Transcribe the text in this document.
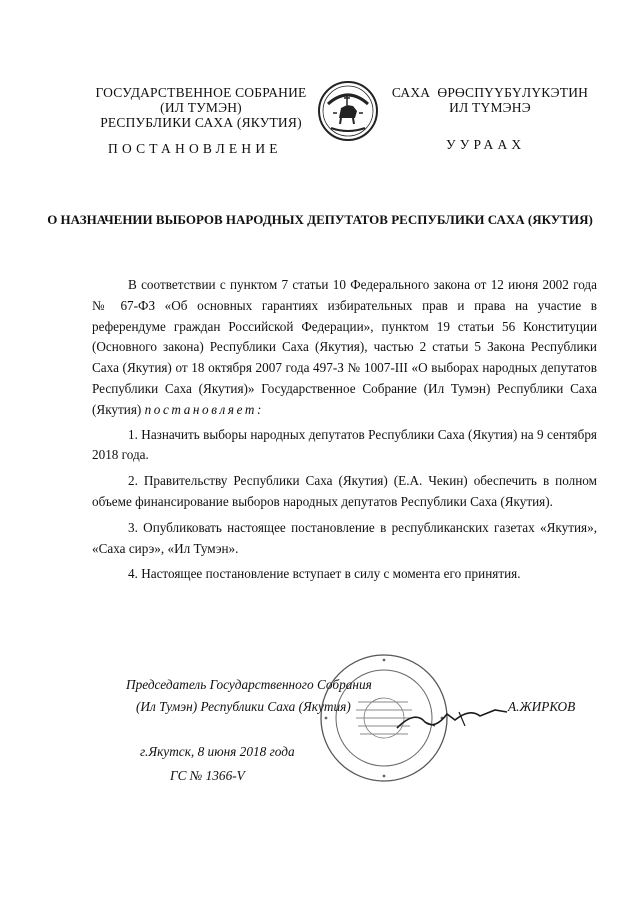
ГОСУДАРСТВЕННОЕ СОБРАНИЕ
(ИЛ ТУМЭН)
РЕСПУБЛИКИ САХА (ЯКУТИЯ)
САХА  ӨРӨСПҮҮБҮЛҮКЭТИН
ИЛ ТҮМЭНЭ
ПОСТАНОВЛЕНИЕ	УУРААХ
О НАЗНАЧЕНИИ ВЫБОРОВ НАРОДНЫХ ДЕПУТАТОВ РЕСПУБЛИКИ САХА (ЯКУТИЯ)

В соответствии с пунктом 7 статьи 10 Федерального закона от 12 июня 2002 года № 67-ФЗ «Об основных гарантиях избирательных прав и права на участие в референдуме граждан Российской Федерации», пунктом 19 статьи 56 Конституции (Основного закона) Республики Саха (Якутия), частью 2 статьи 5 Закона Республики Саха (Якутия) от 18 октября 2007 года 497-З № 1007-III «О выборах народных депутатов Республики Саха (Якутия)» Государственное Собрание (Ил Тумэн) Республики Саха (Якутия) постановляет:

1. Назначить выборы народных депутатов Республики Саха (Якутия) на 9 сентября 2018 года.
2. Правительству Республики Саха (Якутия) (Е.А. Чекин) обеспечить в полном объеме финансирование выборов народных депутатов Республики Саха (Якутия).
3. Опубликовать настоящее постановление в республиканских газетах «Якутия», «Саха сирэ», «Ил Тумэн».
4. Настоящее постановление вступает в силу с момента его принятия.
Председатель Государственного Собрания
(Ил Тумэн) Республики Саха (Якутия)	А.ЖИРКОВ
г.Якутск, 8 июня 2018 года
ГС № 1366-V
